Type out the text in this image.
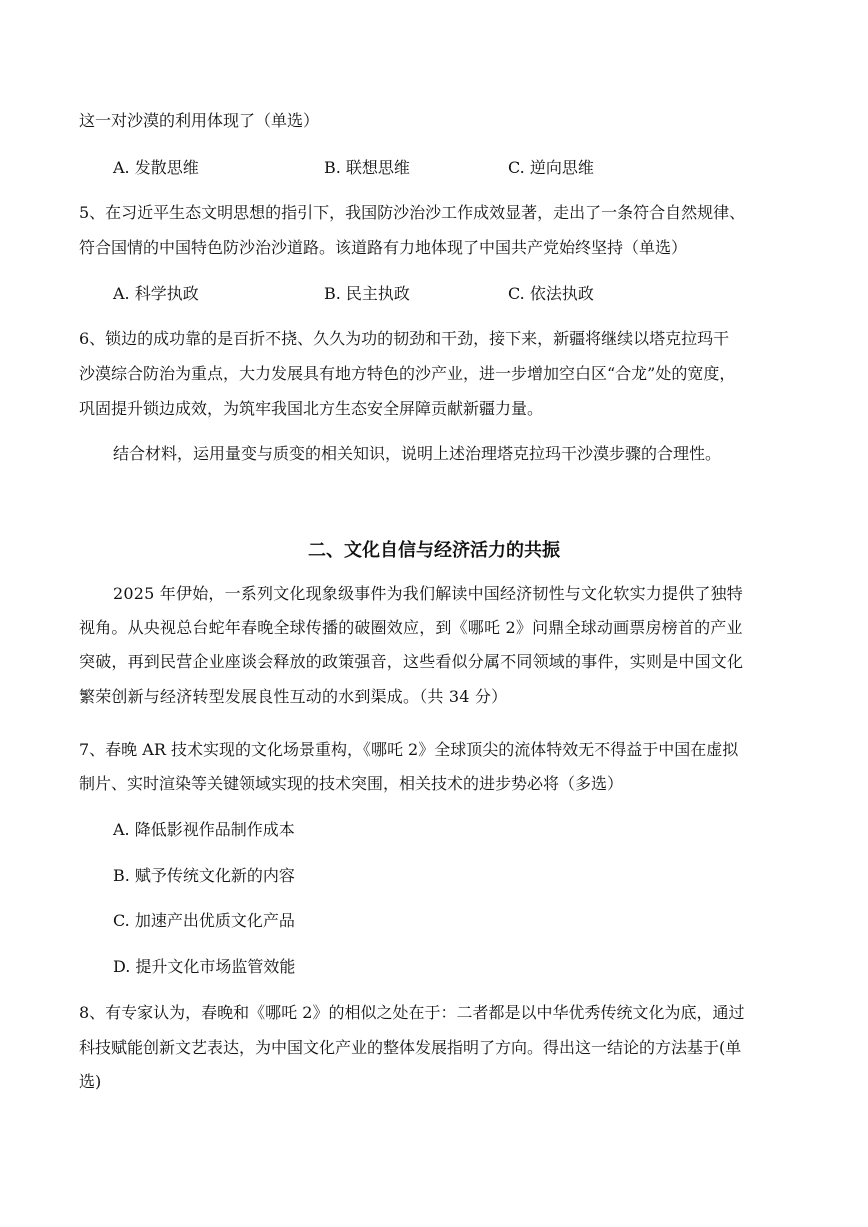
这一对沙漠的利用体现了（单选）
A. 发散思维	B. 联想思维	C. 逆向思维
5、在习近平生态文明思想的指引下，我国防沙治沙工作成效显著，走出了一条符合自然规律、
符合国情的中国特色防沙治沙道路。该道路有力地体现了中国共产党始终坚持（单选）
A. 科学执政	B. 民主执政	C. 依法执政
6、锁边的成功靠的是百折不挠、久久为功的韧劲和干劲，接下来，新疆将继续以塔克拉玛干
沙漠综合防治为重点，大力发展具有地方特色的沙产业，进一步增加空白区“合龙”处的宽度，
巩固提升锁边成效，为筑牢我国北方生态安全屏障贡献新疆力量。
结合材料，运用量变与质变的相关知识，说明上述治理塔克拉玛干沙漠步骤的合理性。
二、文化自信与经济活力的共振
2025 年伊始，一系列文化现象级事件为我们解读中国经济韧性与文化软实力提供了独特
视角。从央视总台蛇年春晚全球传播的破圈效应，到《哪吒 2》问鼎全球动画票房榜首的产业
突破，再到民营企业座谈会释放的政策强音，这些看似分属不同领域的事件，实则是中国文化
繁荣创新与经济转型发展良性互动的水到渠成。（共 34 分）
7、春晚 AR 技术实现的文化场景重构，《哪吒 2》全球顶尖的流体特效无不得益于中国在虚拟
制片、实时渲染等关键领域实现的技术突围，相关技术的进步势必将（多选）
A. 降低影视作品制作成本
B. 赋予传统文化新的内容
C. 加速产出优质文化产品
D. 提升文化市场监管效能
8、有专家认为，春晚和《哪吒 2》的相似之处在于：二者都是以中华优秀传统文化为底，通过
科技赋能创新文艺表达，为中国文化产业的整体发展指明了方向。得出这一结论的方法基于(单
选)
